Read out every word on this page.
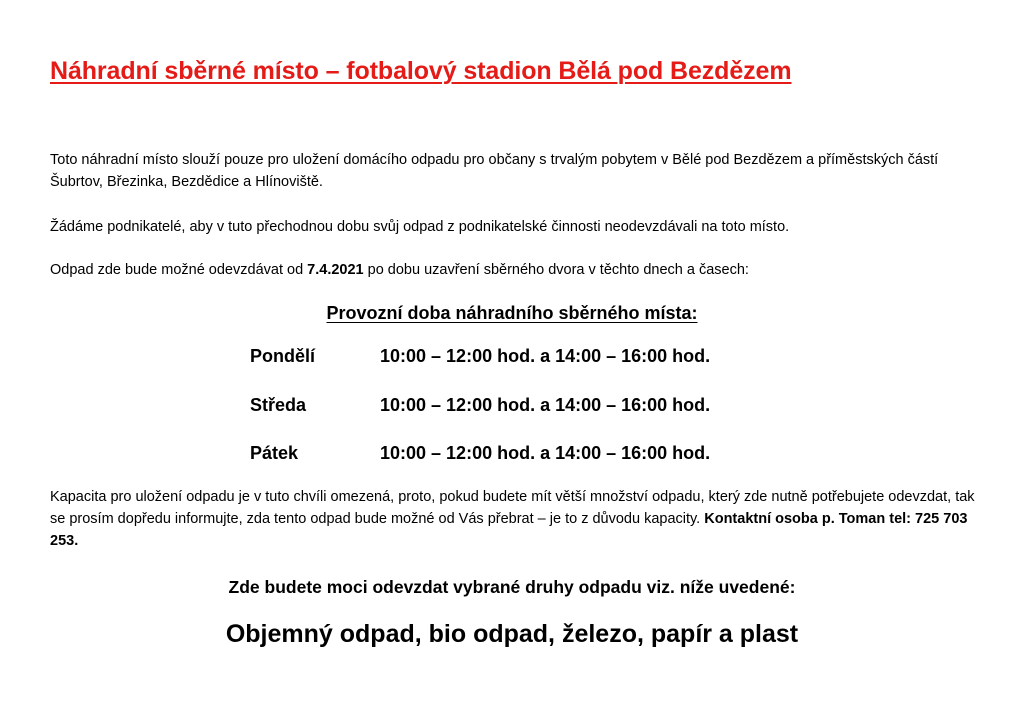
Náhradní sběrné místo – fotbalový stadion Bělá pod Bezdězem

Toto náhradní místo slouží pouze pro uložení domácího odpadu pro občany s trvalým pobytem v Bělé pod Bezdězem a příměstských částí Šubrtov, Březinka, Bezdědice a Hlínoviště.

Žádáme podnikatelé, aby v tuto přechodnou dobu svůj odpad z podnikatelské činnosti neodevzdávali na toto místo.

Odpad zde bude možné odevzdávat od 7.4.2021 po dobu uzavření sběrného dvora v těchto dnech a časech:

Provozní doba náhradního sběrného místa:
Pondělí	10:00 – 12:00 hod. a 14:00 – 16:00 hod.
Středa	10:00 – 12:00 hod. a 14:00 – 16:00 hod.
Pátek	10:00 – 12:00 hod. a 14:00 – 16:00 hod.

Kapacita pro uložení odpadu je v tuto chvíli omezená, proto, pokud budete mít větší množství odpadu, který zde nutně potřebujete odevzdat, tak se prosím dopředu informujte, zda tento odpad bude možné od Vás přebrat – je to z důvodu kapacity. Kontaktní osoba p. Toman tel: 725 703 253.

Zde budete moci odevzdat vybrané druhy odpadu viz. níže uvedené:

Objemný odpad, bio odpad, železo, papír a plast
